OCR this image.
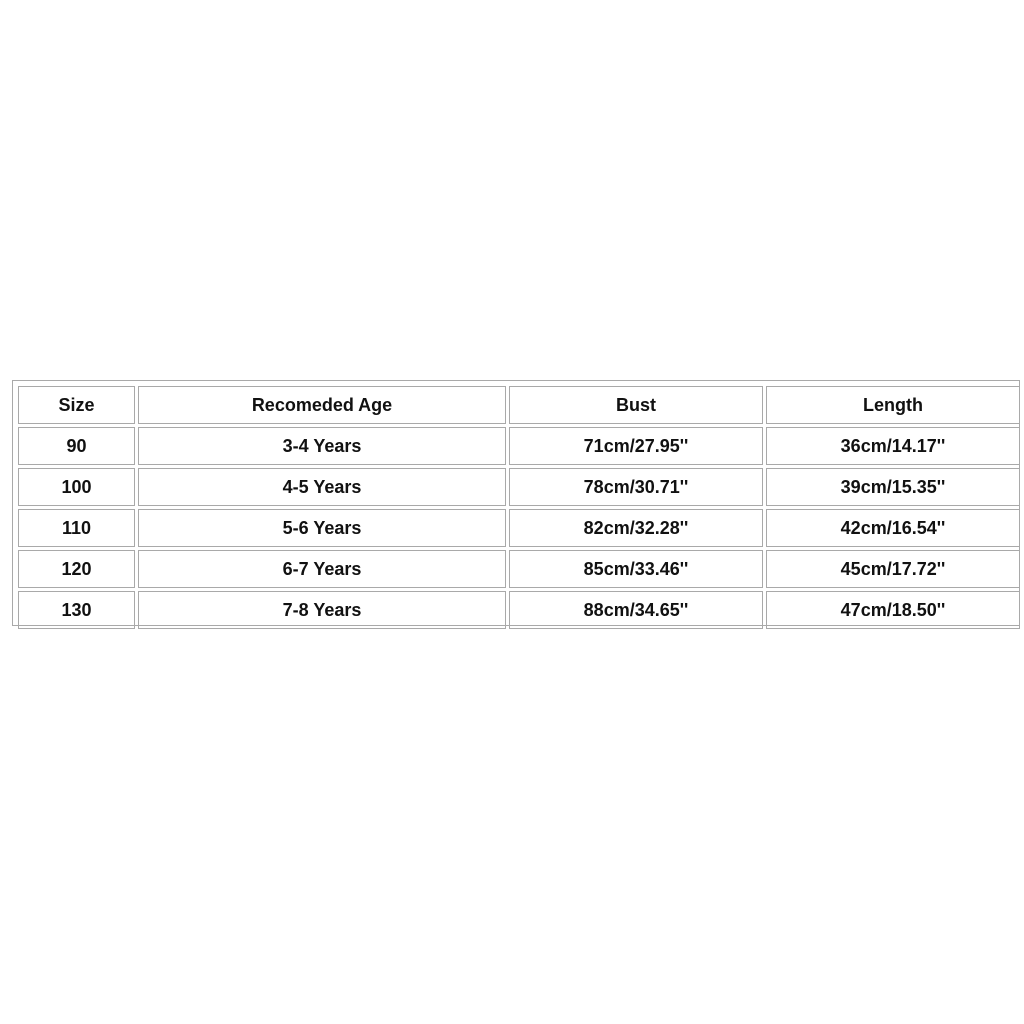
Size	Recomeded Age	Bust	Length
90	3-4 Years	71cm/27.95''	36cm/14.17''
100	4-5 Years	78cm/30.71''	39cm/15.35''
110	5-6 Years	82cm/32.28''	42cm/16.54''
120	6-7 Years	85cm/33.46''	45cm/17.72''
130	7-8 Years	88cm/34.65''	47cm/18.50''
